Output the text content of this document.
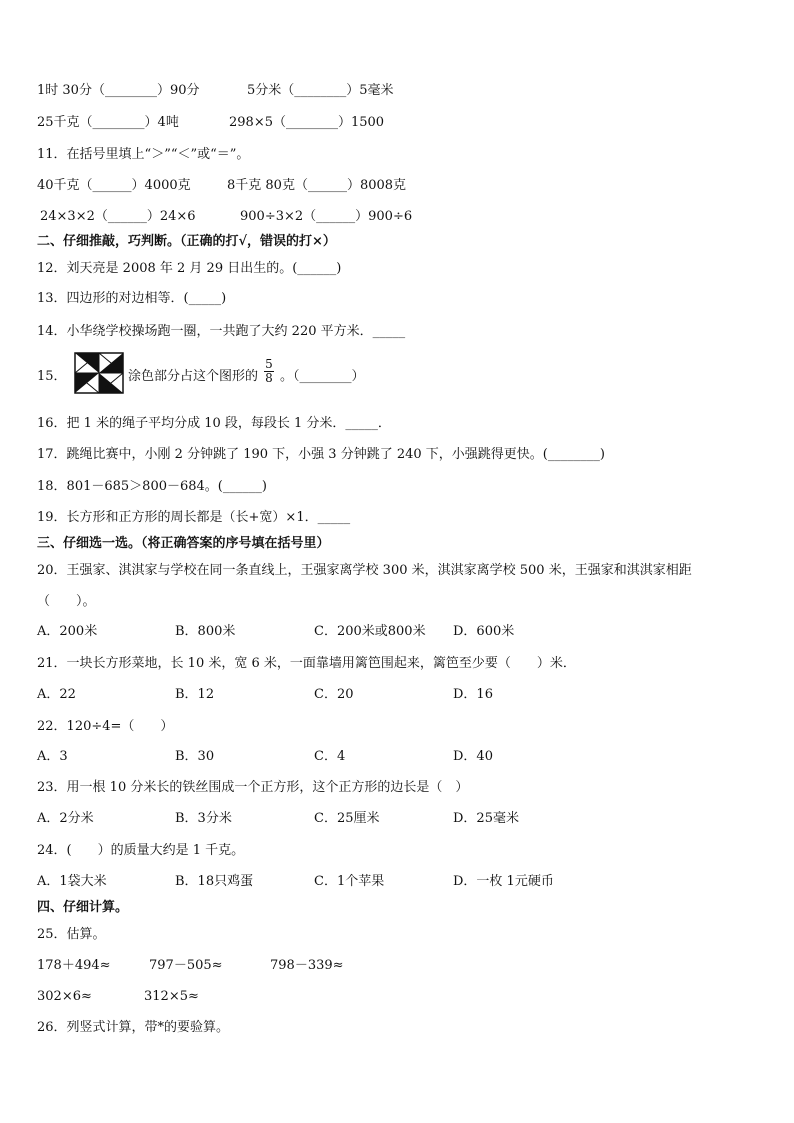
1时 30分（________）90分	5分米（________）5毫米
25千克（________）4吨	298×5（________）1500
11．在括号里填上“＞”“＜”或“＝”。
40千克（______）4000克	8千克 80克（______）8008克
24×3×2（______）24×6	900÷3×2（______）900÷6
二、仔细推敲，巧判断。（正确的打√，错误的打×）
12．刘天亮是 2008 年 2 月 29 日出生的。(______)
13．四边形的对边相等．(_____)
14．小华绕学校操场跑一圈，一共跑了大约 220 平方米．_____
15．	涂色部分占这个图形的 $\frac{5}{8}$ 。（________）
16．把 1 米的绳子平均分成 10 段，每段长 1 分米．_____．
17．跳绳比赛中，小刚 2 分钟跳了 190 下，小强 3 分钟跳了 240 下，小强跳得更快。(________)
18．801－685＞800－684。(______)
19．长方形和正方形的周长都是（长+宽）×1．_____
三、仔细选一选。（将正确答案的序号填在括号里）
20．王强家、淇淇家与学校在同一条直线上，王强家离学校 300 米，淇淇家离学校 500 米，王强家和淇淇家相距
（　　）。
A．200米	B．800米	C．200米或800米 D．600米
21．一块长方形菜地，长 10 米，宽 6 米，一面靠墙用篱笆围起来，篱笆至少要（　　）米．
A．22	B．12	C．20	D．16
22．120÷4=（　　）
A．3	B．30	C．4	D．40
23．用一根 10 分米长的铁丝围成一个正方形，这个正方形的边长是（　）
A．2分米	B．3分米	C．25厘米	D．25毫米
24．(　　）的质量大约是 1 千克。
A．1袋大米	B．18只鸡蛋	C．1个苹果	D．一枚 1元硬币
四、仔细计算。
25．估算。
178＋494≈	797－505≈	798－339≈
302×6≈	312×5≈
26．列竖式计算，带*的要验算。
